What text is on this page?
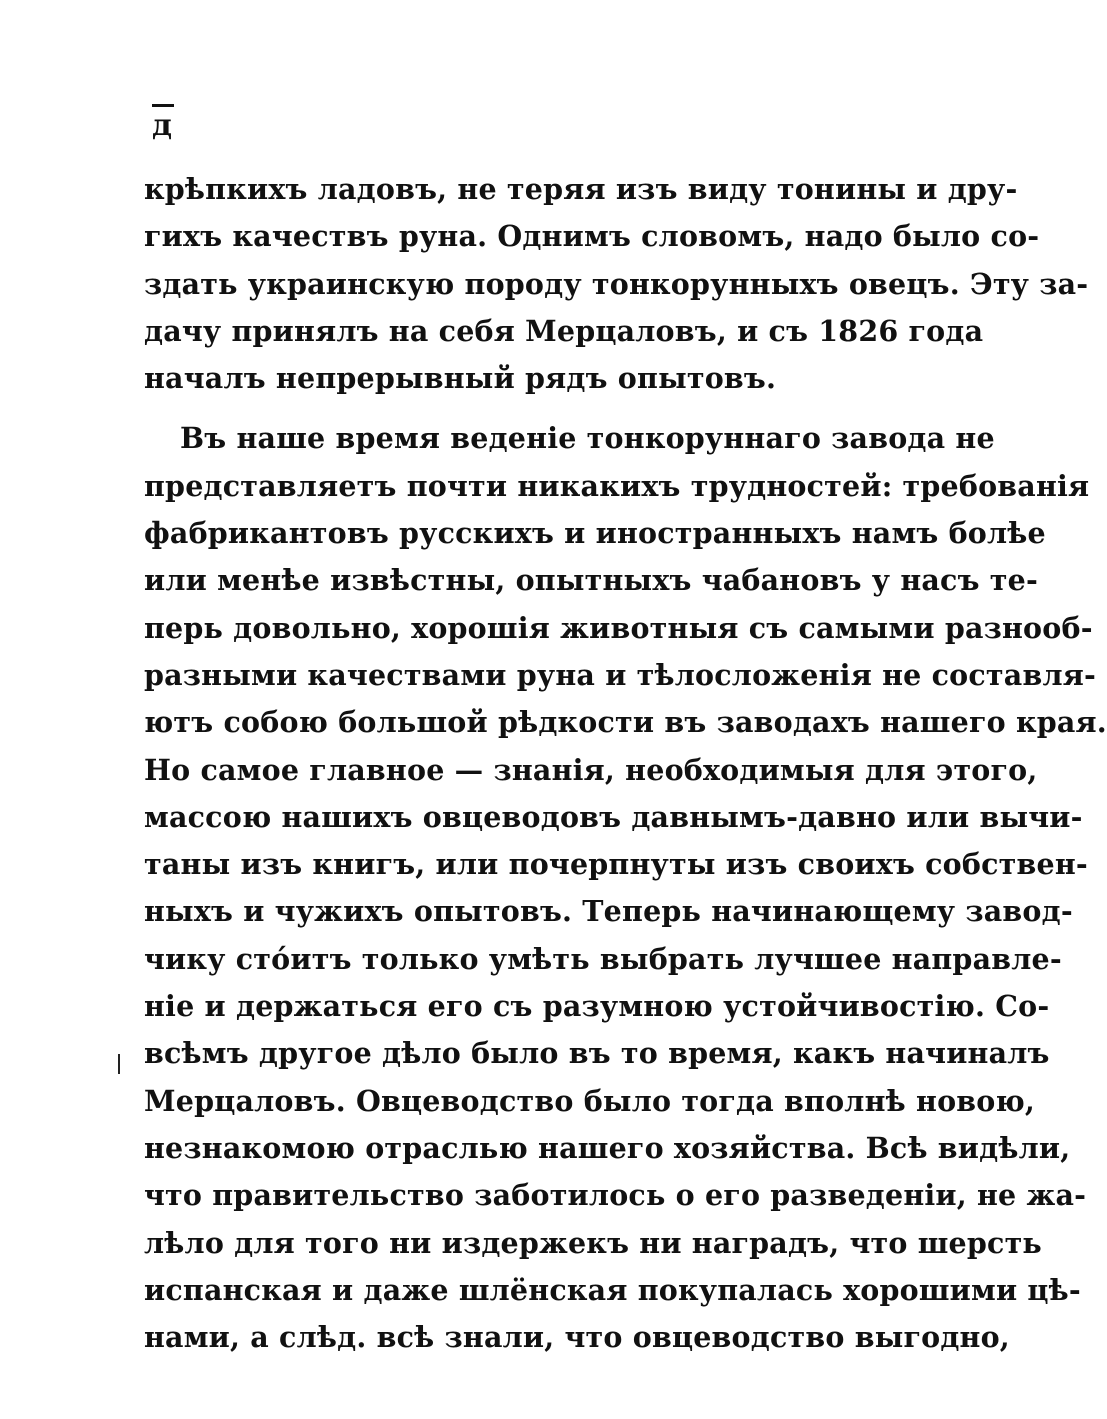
д
крѣпкихъ ладовъ, не теряя изъ виду тонины и дру-
гихъ качествъ руна. Однимъ словомъ, надо было со-
здать украинскую породу тонкорунныхъ овецъ. Эту за-
дачу принялъ на себя Мерцаловъ, и съ 1826 года
началъ непрерывный рядъ опытовъ.
Въ наше время веденіе тонкоруннаго завода не
представляетъ почти никакихъ трудностей: требованія
фабрикантовъ русскихъ и иностранныхъ намъ болѣе
или менѣе извѣстны, опытныхъ чабановъ у насъ те-
перь довольно, хорошія животныя съ самыми разнооб-
разными качествами руна и тѣлосложенія не составля-
ютъ собою большой рѣдкости въ заводахъ нашего края.
Но самое главное — знанія, необходимыя для этого,
массою нашихъ овцеводовъ давнымъ-давно или вычи-
таны изъ книгъ, или почерпнуты изъ своихъ собствен-
ныхъ и чужихъ опытовъ. Теперь начинающему завод-
чику стóитъ только умѣть выбрать лучшее направле-
ніе и держаться его съ разумною устойчивостію. Со-
всѣмъ другое дѣло было въ то время, какъ начиналъ
Мерцаловъ. Овцеводство было тогда вполнѣ новою,
незнакомою отраслью нашего хозяйства. Всѣ видѣли,
что правительство заботилось о его разведеніи, не жа-
лѣло для того ни издержекъ ни наградъ, что шерсть
испанская и даже шлёнская покупалась хорошими цѣ-
нами, а слѣд. всѣ знали, что овцеводство выгодно,
